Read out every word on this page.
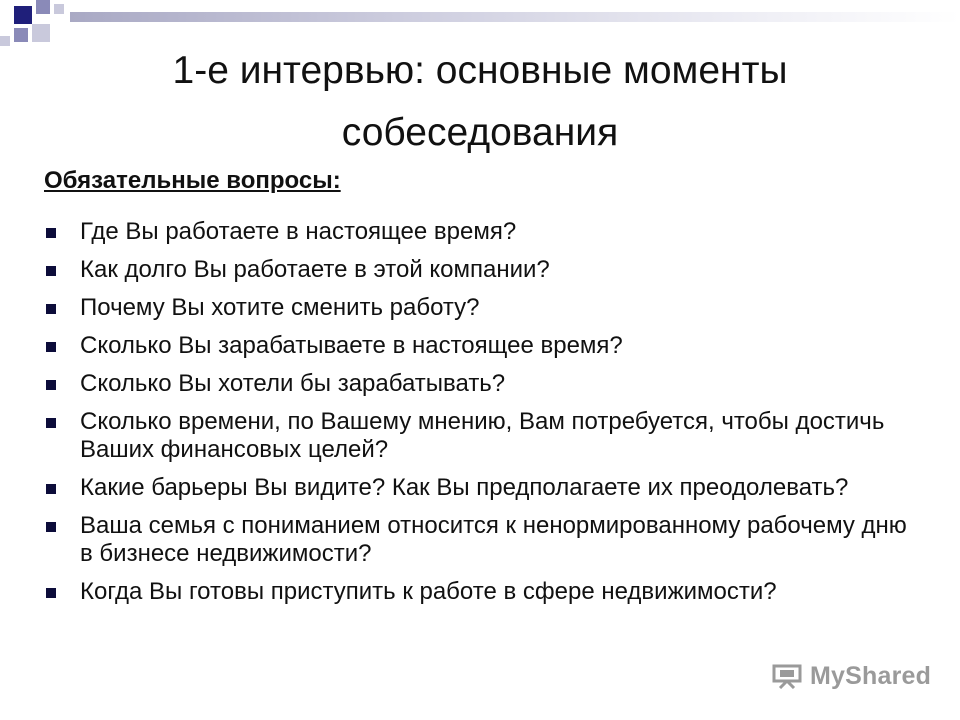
1-е интервью: основные моменты
собеседования
Обязательные вопросы:
Где Вы работаете в настоящее время?
Как долго Вы работаете в этой компании?
Почему Вы хотите сменить работу?
Сколько Вы зарабатываете в настоящее время?
Сколько Вы хотели бы зарабатывать?
Сколько времени, по Вашему мнению, Вам потребуется, чтобы достичь Ваших финансовых целей?
Какие барьеры Вы видите? Как Вы предполагаете их преодолевать?
Ваша семья с пониманием относится к ненормированному рабочему дню в бизнесе недвижимости?
Когда Вы готовы приступить к работе в сфере недвижимости?
MyShared
